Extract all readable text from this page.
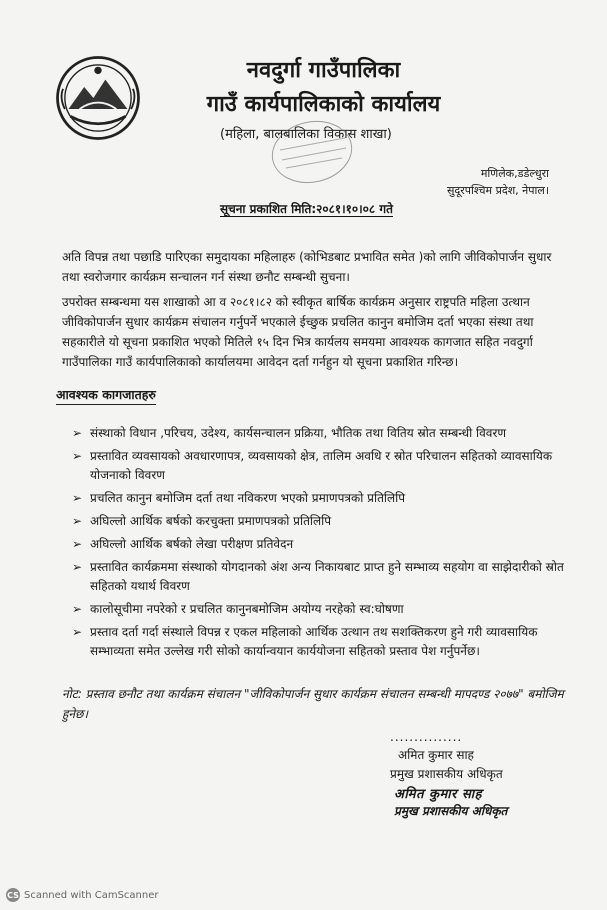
नवदुर्गा गाउँपालिका
गाउँ कार्यपालिकाको कार्यालय
(महिला, बालबालिका विकास शाखा)
मणिलेक,डडेल्धुरा
सुदूरपश्चिम प्रदेश, नेपाल।
सूचना प्रकाशित मिति:२०८१।१०।०८ गते
अति विपन्न तथा पछाडि पारिएका समुदायका महिलाहरु (कोभिडबाट प्रभावित समेत )को लागि जीविकोपार्जन सुधार तथा स्वरोजगार कार्यक्रम सन्चालन गर्न संस्था छनौट सम्बन्धी सुचना।
उपरोक्त सम्बन्धमा यस शाखाको आ व २०८१।८२ को स्वीकृत बार्षिक कार्यक्रम अनुसार राष्ट्रपति महिला उत्थान जीविकोपार्जन सुधार कार्यक्रम संचालन गर्नुपर्ने भएकाले ईच्छुक प्रचलित कानुन बमोजिम दर्ता भएका संस्था तथा सहकारीले यो सूचना प्रकाशित भएको मितिले १५ दिन भित्र कार्यलय समयमा आवश्यक कागजात सहित नवदुर्गा गाउँपालिका गाउँ कार्यपालिकाको कार्यालयमा आवेदन दर्ता गर्नहुन यो सूचना प्रकाशित गरिन्छ।
आवश्यक कागजातहरु
➢ संस्थाको विधान ,परिचय, उदेश्य, कार्यसन्चालन प्रक्रिया, भौतिक तथा वितिय स्रोत सम्बन्धी विवरण
➢ प्रस्तावित व्यवसायको अवधारणापत्र, व्यवसायको क्षेत्र, तालिम अवधि र स्रोत परिचालन सहितको व्यावसायिक योजनाको विवरण
➢ प्रचलित कानुन बमोजिम दर्ता तथा नविकरण भएको प्रमाणपत्रको प्रतिलिपि
➢ अघिल्लो आर्थिक बर्षको करचुक्ता प्रमाणपत्रको प्रतिलिपि
➢ अघिल्लो आर्थिक बर्षको लेखा परीक्षण प्रतिवेदन
➢ प्रस्तावित कार्यक्रममा संस्थाको योगदानको अंश अन्य निकायबाट प्राप्त हुने सम्भाव्य सहयोग वा साझेदारीको स्रोत सहितको यथार्थ विवरण
➢ कालोसूचीमा नपरेको र प्रचलित कानुनबमोजिम अयोग्य नरहेको स्व:घोषणा
➢ प्रस्ताव दर्ता गर्दा संस्थाले विपन्न र एकल महिलाको आर्थिक उत्थान तथ सशक्तिकरण हुने गरी व्यावसायिक सम्भाव्यता समेत उल्लेख गरी सोको कार्यान्वयान कार्ययोजना सहितको प्रस्ताव पेश गर्नुपर्नेछ।
नोट: प्रस्ताव छनौट तथा कार्यक्रम संचालन "जीविकोपार्जन सुधार कार्यक्रम संचालन सम्बन्धी मापदण्ड २०७७" बमोजिम हुनेछ।
...............
अमित कुमार साह
प्रमुख प्रशासकीय अधिकृत
अमित कुमार साह
प्रमुख प्रशासकीय अधिकृत
CS Scanned with CamScanner
